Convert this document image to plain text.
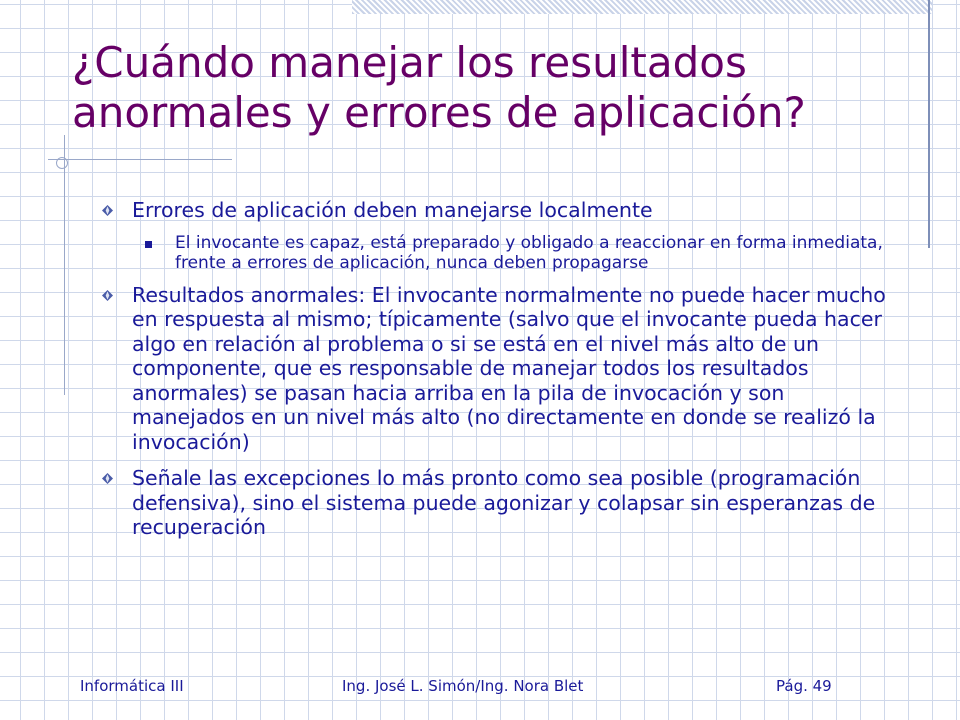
¿Cuándo manejar los resultados anormales y errores de aplicación?
Errores de aplicación deben manejarse localmente
El invocante es capaz, está preparado y obligado a reaccionar en forma inmediata, frente a errores de aplicación, nunca deben propagarse
Resultados anormales: El invocante normalmente no puede hacer mucho en respuesta al mismo; típicamente (salvo que el invocante pueda hacer algo en relación al problema o si se está en el nivel más alto de un componente, que es responsable de manejar todos los resultados anormales) se pasan hacia arriba en la pila de invocación y son manejados en un nivel más alto (no directamente en donde se realizó la invocación)
Señale las excepciones lo más pronto como sea posible (programación defensiva), sino el sistema puede agonizar y colapsar sin esperanzas de recuperación
Informática III	Ing. José L. Simón/Ing. Nora Blet	Pág. 49
